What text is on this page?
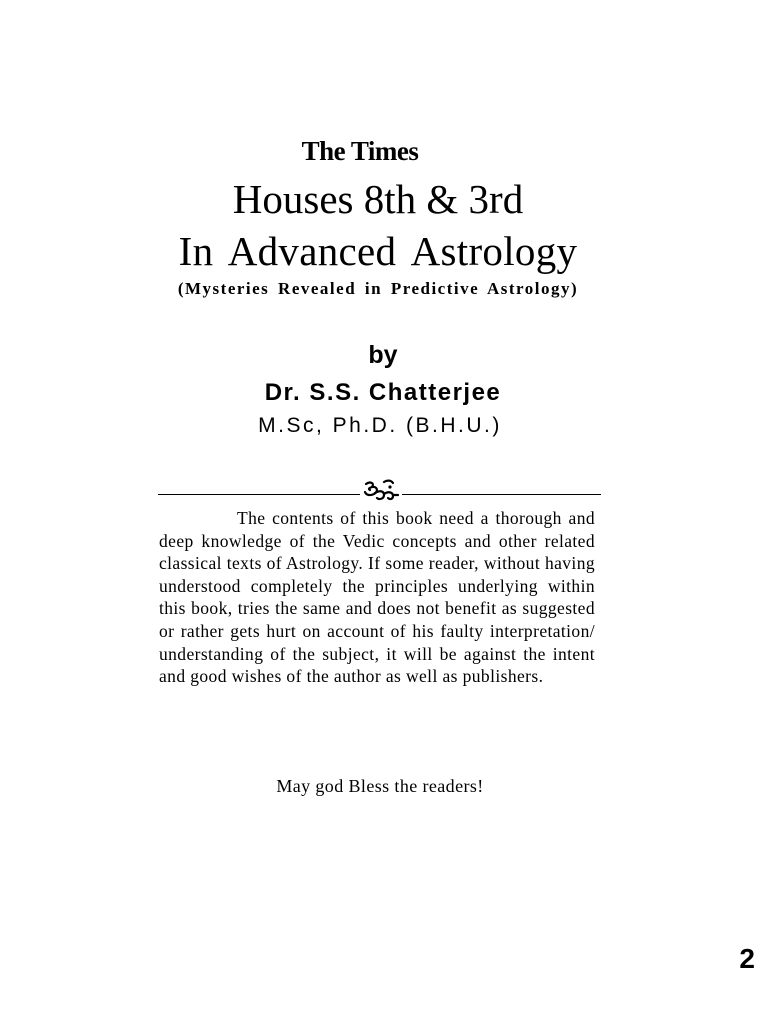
The Times
Houses 8th & 3rd
In Advanced Astrology
(Mysteries Revealed in Predictive Astrology)
by
Dr. S.S. Chatterjee
M.Sc, Ph.D. (B.H.U.)

The contents of this book need a thorough and deep knowledge of the Vedic concepts and other related classical texts of Astrology. If some reader, without having understood completely the principles underlying within this book, tries the same and does not benefit as suggested or rather gets hurt on account of his faulty interpretation/ understanding of the subject, it will be against the intent and good wishes of the author as well as publishers.

May god Bless the readers!
2
